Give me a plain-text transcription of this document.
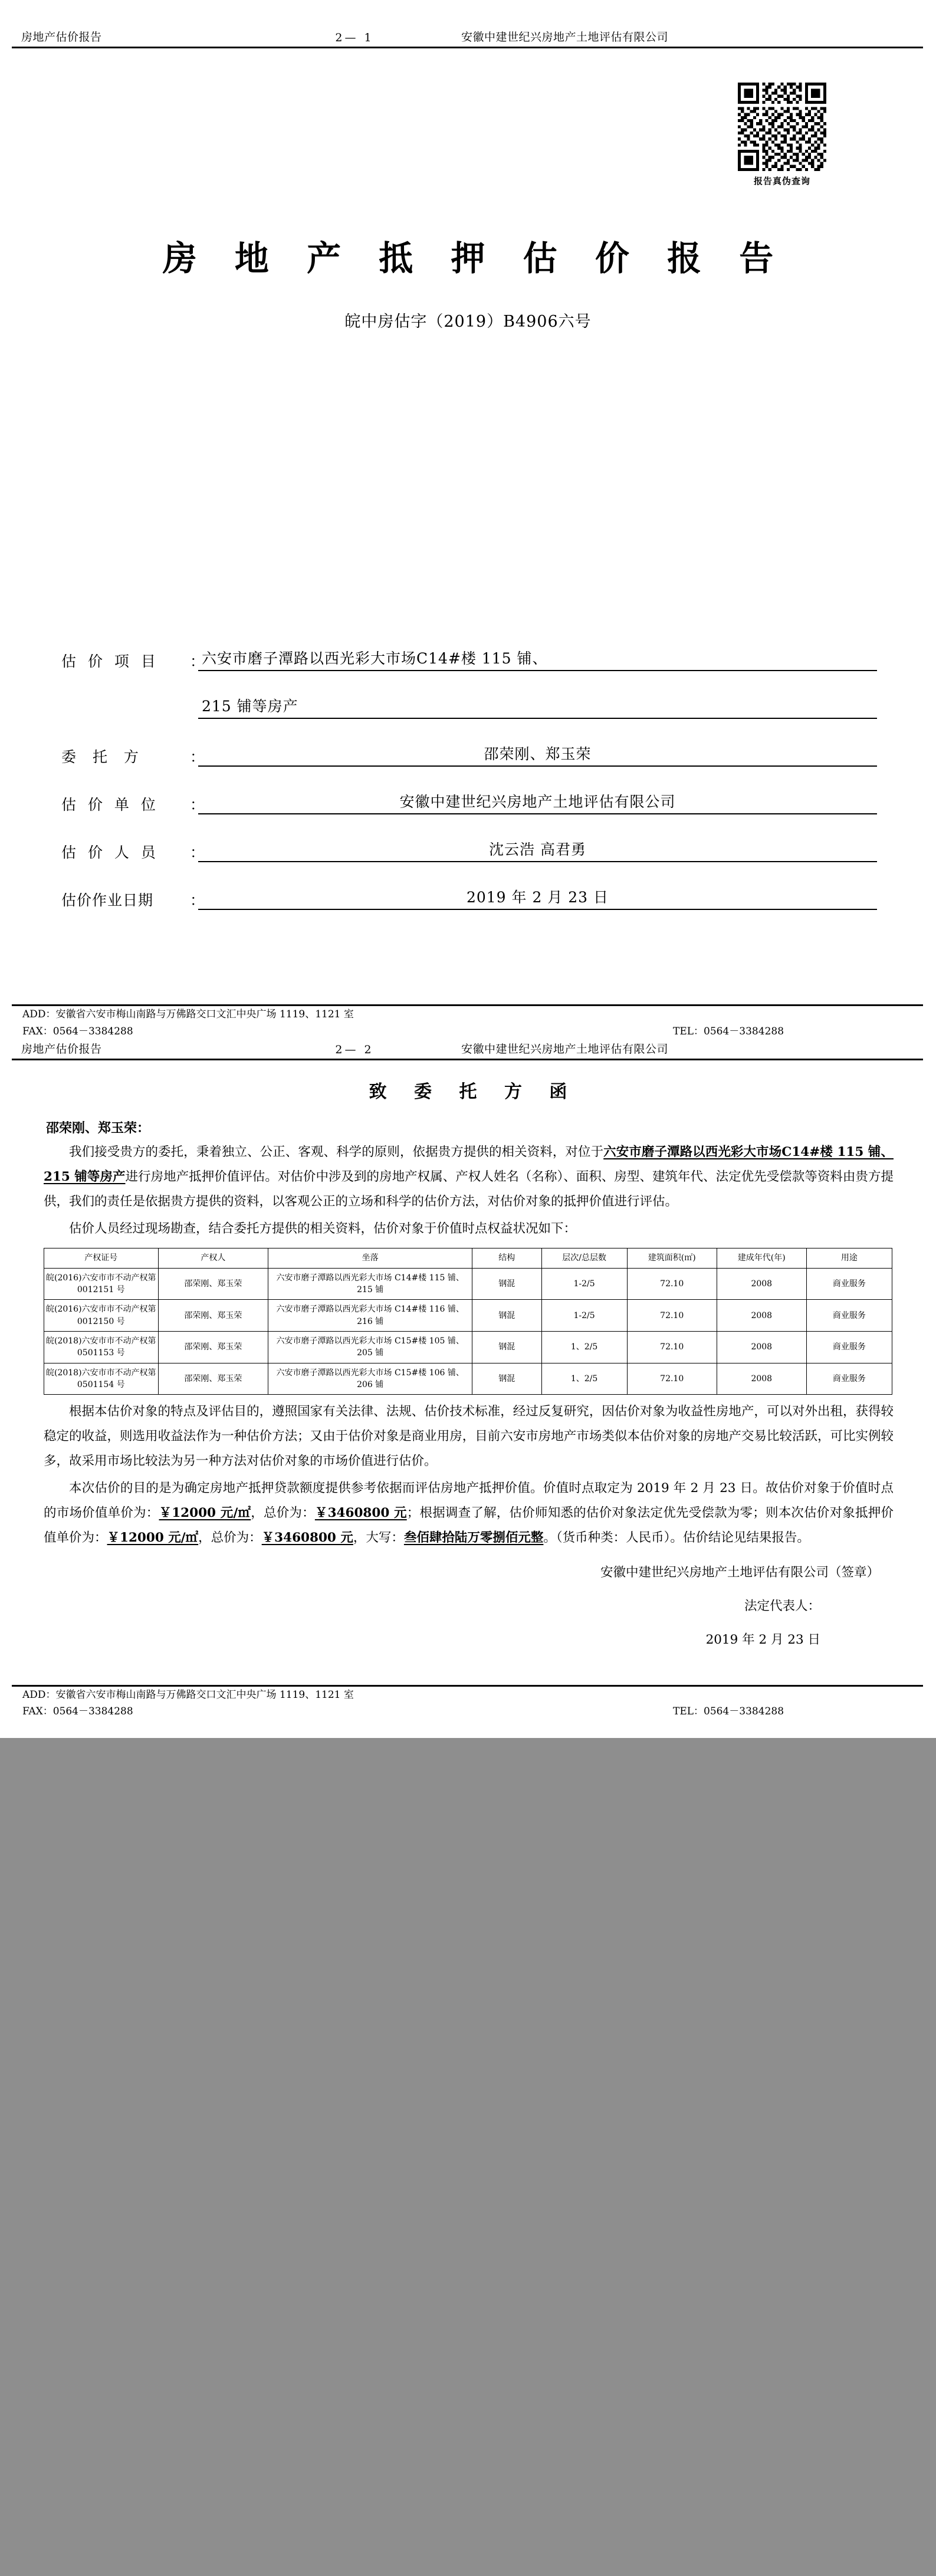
房地产估价报告	2— 1	安徽中建世纪兴房地产土地评估有限公司
报告真伪查询
房 地 产 抵 押 估 价 报 告
皖中房估字（2019）B4906六号
估 价 项 目	：
六安市磨子潭路以西光彩大市场C14#楼 115 铺、
215 铺等房产
委 托 方	：	邵荣刚、郑玉荣
估 价 单 位	：	安徽中建世纪兴房地产土地评估有限公司
估 价 人 员	：	沈云浩 高君勇
估价作业日期	：	2019 年 2 月 23 日
ADD：安徽省六安市梅山南路与万佛路交口文汇中央广场 1119、1121 室
FAX：0564－3384288	TEL：0564－3384288
房地产估价报告	2— 2	安徽中建世纪兴房地产土地评估有限公司
致 委 托 方 函
邵荣刚、郑玉荣：

我们接受贵方的委托，秉着独立、公正、客观、科学的原则，依据贵方提供的相关资料，对位于六安市磨子潭路以西光彩大市场C14#楼 115 铺、215 铺等房产进行房地产抵押价值评估。对估价中涉及到的房地产权属、产权人姓名（名称）、面积、房型、建筑年代、法定优先受偿款等资料由贵方提供，我们的责任是依据贵方提供的资料，以客观公正的立场和科学的估价方法，对估价对象的抵押价值进行评估。

估价人员经过现场勘查，结合委托方提供的相关资料，估价对象于价值时点权益状况如下：

产权证号	产权人	坐落	结构	层次/总层数	建筑面积(㎡)	建成年代(年)	用途
皖(2016)六安市市不动产权第 0012151 号	邵荣刚、郑玉荣	六安市磨子潭路以西光彩大市场 C14#楼 115 铺、215 铺	钢混	1-2/5	72.10	2008	商业服务
皖(2016)六安市市不动产权第 0012150 号	邵荣刚、郑玉荣	六安市磨子潭路以西光彩大市场 C14#楼 116 铺、216 铺	钢混	1-2/5	72.10	2008	商业服务
皖(2018)六安市市不动产权第 0501153 号	邵荣刚、郑玉荣	六安市磨子潭路以西光彩大市场 C15#楼 105 铺、205 铺	钢混	1、2/5	72.10	2008	商业服务
皖(2018)六安市市不动产权第 0501154 号	邵荣刚、郑玉荣	六安市磨子潭路以西光彩大市场 C15#楼 106 铺、206 铺	钢混	1、2/5	72.10	2008	商业服务

根据本估价对象的特点及评估目的，遵照国家有关法律、法规、估价技术标准，经过反复研究，因估价对象为收益性房地产，可以对外出租，获得较稳定的收益，则选用收益法作为一种估价方法；又由于估价对象是商业用房，目前六安市房地产市场类似本估价对象的房地产交易比较活跃，可比实例较多，故采用市场比较法为另一种方法对估价对象的市场价值进行估价。

本次估价的目的是为确定房地产抵押贷款额度提供参考依据而评估房地产抵押价值。价值时点取定为 2019 年 2 月 23 日。故估价对象于价值时点的市场价值单价为：￥12000 元/㎡，总价为：￥3460800 元；根据调查了解，估价师知悉的估价对象法定优先受偿款为零；则本次估价对象抵押价值单价为：￥12000 元/㎡，总价为：￥3460800 元，大写：叁佰肆拾陆万零捌佰元整。（货币种类：人民币）。估价结论见结果报告。

安徽中建世纪兴房地产土地评估有限公司（签章）
法定代表人：
2019 年 2 月 23 日
ADD：安徽省六安市梅山南路与万佛路交口文汇中央广场 1119、1121 室
FAX：0564－3384288	TEL：0564－3384288
